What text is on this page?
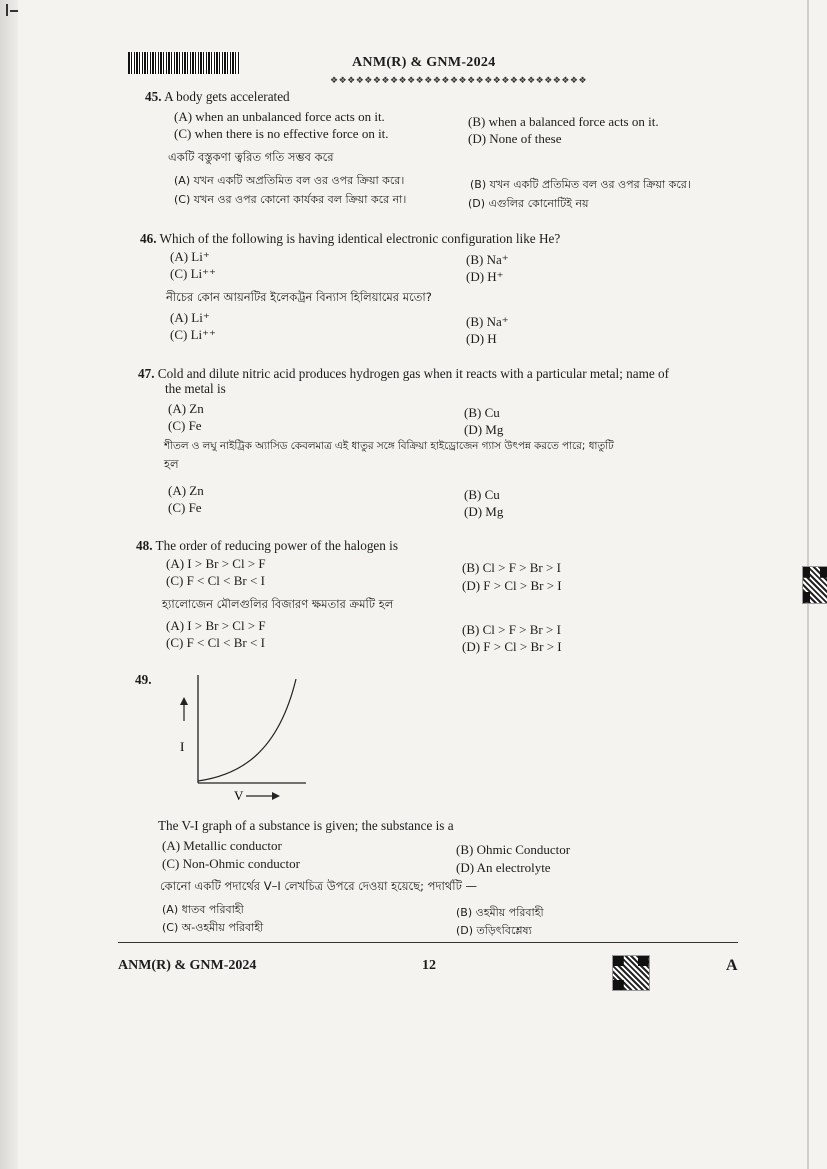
ANM(R) & GNM-2024
❖❖❖❖❖❖❖❖❖❖❖❖❖❖❖❖❖❖❖❖❖❖❖❖❖❖❖❖❖❖
45. A body gets accelerated
(A) when an unbalanced force acts on it.	(B) when a balanced force acts on it.
(C) when there is no effective force on it.	(D) None of these
একটি বস্তুকণা ত্বরিত গতি সম্ভব করে
(A) যখন একটি অপ্রতিমিত বল ওর ওপর ক্রিয়া করে।	(B) যখন একটি প্রতিমিত বল ওর ওপর ক্রিয়া করে।
(C) যখন ওর ওপর কোনো কার্যকর বল ক্রিয়া করে না।	(D) এগুলির কোনোটিই নয়
46. Which of the following is having identical electronic configuration like He?
(A) Li⁺	(B) Na⁺
(C) Li⁺⁺	(D) H⁺
নীচের কোন আয়নটির ইলেকট্রন বিন্যাস হিলিয়ামের মতো?
(A) Li⁺	(B) Na⁺
(C) Li⁺⁺	(D) H
47. Cold and dilute nitric acid produces hydrogen gas when it reacts with a particular metal; name of
the metal is
(A) Zn	(B) Cu
(C) Fe	(D) Mg
শীতল ও লঘু নাইট্রিক অ্যাসিড কেবলমাত্র এই ধাতুর সঙ্গে বিক্রিয়া হাইড্রোজেন গ্যাস উৎপন্ন করতে পারে; ধাতুটি
হল
(A) Zn	(B) Cu
(C) Fe	(D) Mg
48. The order of reducing power of the halogen is
(A) I > Br > Cl > F	(B) Cl > F > Br > I
(C) F < Cl < Br < I	(D) F > Cl > Br > I
হ্যালোজেন মৌলগুলির বিজারণ ক্ষমতার ক্রমটি হল
(A) I > Br > Cl > F	(B) Cl > F > Br > I
(C) F < Cl < Br < I	(D) F > Cl > Br > I
49.
I
V
The V-I graph of a substance is given; the substance is a
(A) Metallic conductor	(B) Ohmic Conductor
(C) Non-Ohmic conductor	(D) An electrolyte
কোনো একটি পদার্থের V–I লেখচিত্র উপরে দেওয়া হয়েছে; পদার্থটি —
(A) ধাতব পরিবাহী	(B) ওহমীয় পরিবাহী
(C) অ-ওহমীয় পরিবাহী	(D) তড়িৎবিশ্লেষ্য
ANM(R) & GNM-2024	12	A
